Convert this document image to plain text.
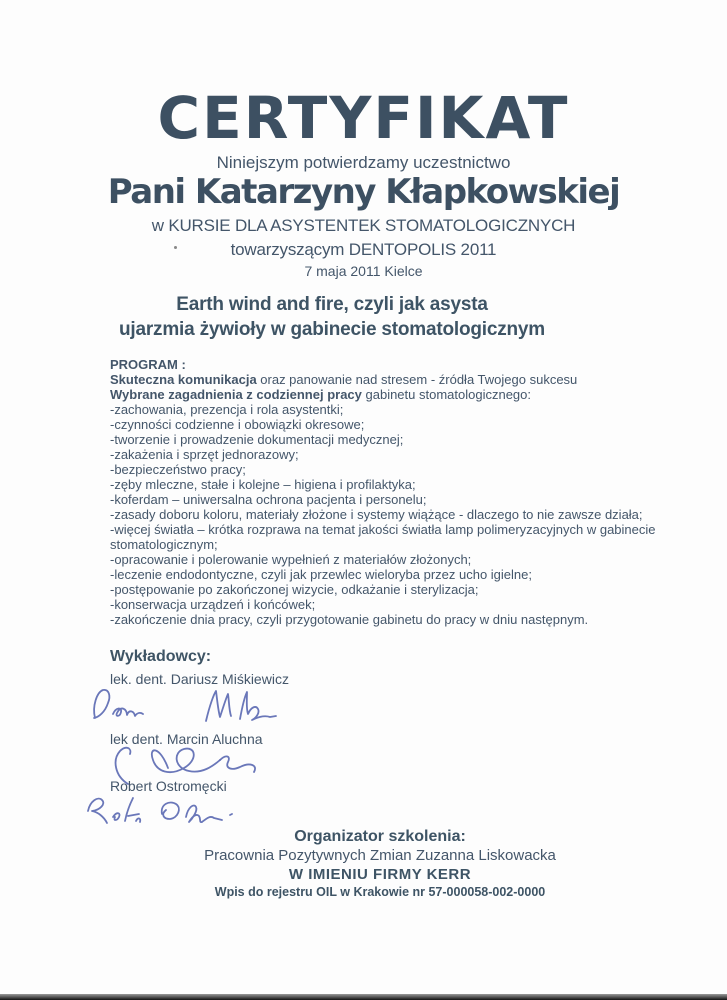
CERTYFIKAT
Niniejszym potwierdzamy uczestnictwo
Pani Katarzyny Kłapkowskiej
w KURSIE DLA ASYSTENTEK STOMATOLOGICZNYCH
towarzyszącym DENTOPOLIS 2011
7 maja 2011 Kielce
Earth wind and fire, czyli jak asysta
ujarzmia żywioły w gabinecie stomatologicznym
PROGRAM :
Skuteczna komunikacja oraz panowanie nad stresem - źródła Twojego sukcesu
Wybrane zagadnienia z codziennej pracy gabinetu stomatologicznego:
-zachowania, prezencja i rola asystentki;
-czynności codzienne i obowiązki okresowe;
-tworzenie i prowadzenie dokumentacji medycznej;
-zakażenia i sprzęt jednorazowy;
-bezpieczeństwo pracy;
-zęby mleczne, stałe i kolejne – higiena i profilaktyka;
-koferdam – uniwersalna ochrona pacjenta i personelu;
-zasady doboru koloru, materiały złożone i systemy wiążące - dlaczego to nie zawsze działa;
-więcej światła – krótka rozprawa na temat jakości światła lamp polimeryzacyjnych w gabinecie stomatologicznym;
-opracowanie i polerowanie wypełnień z materiałów złożonych;
-leczenie endodontyczne, czyli jak przewlec wieloryba przez ucho igielne;
-postępowanie po zakończonej wizycie, odkażanie i sterylizacja;
-konserwacja urządzeń i końcówek;
-zakończenie dnia pracy, czyli przygotowanie gabinetu do pracy w dniu następnym.
Wykładowcy:
lek. dent. Dariusz Miśkiewicz
lek dent. Marcin Aluchna
Robert Ostromęcki
Organizator szkolenia:
Pracownia Pozytywnych Zmian Zuzanna Liskowacka
W IMIENIU FIRMY KERR
Wpis do rejestru OIL w Krakowie nr 57-000058-002-0000
